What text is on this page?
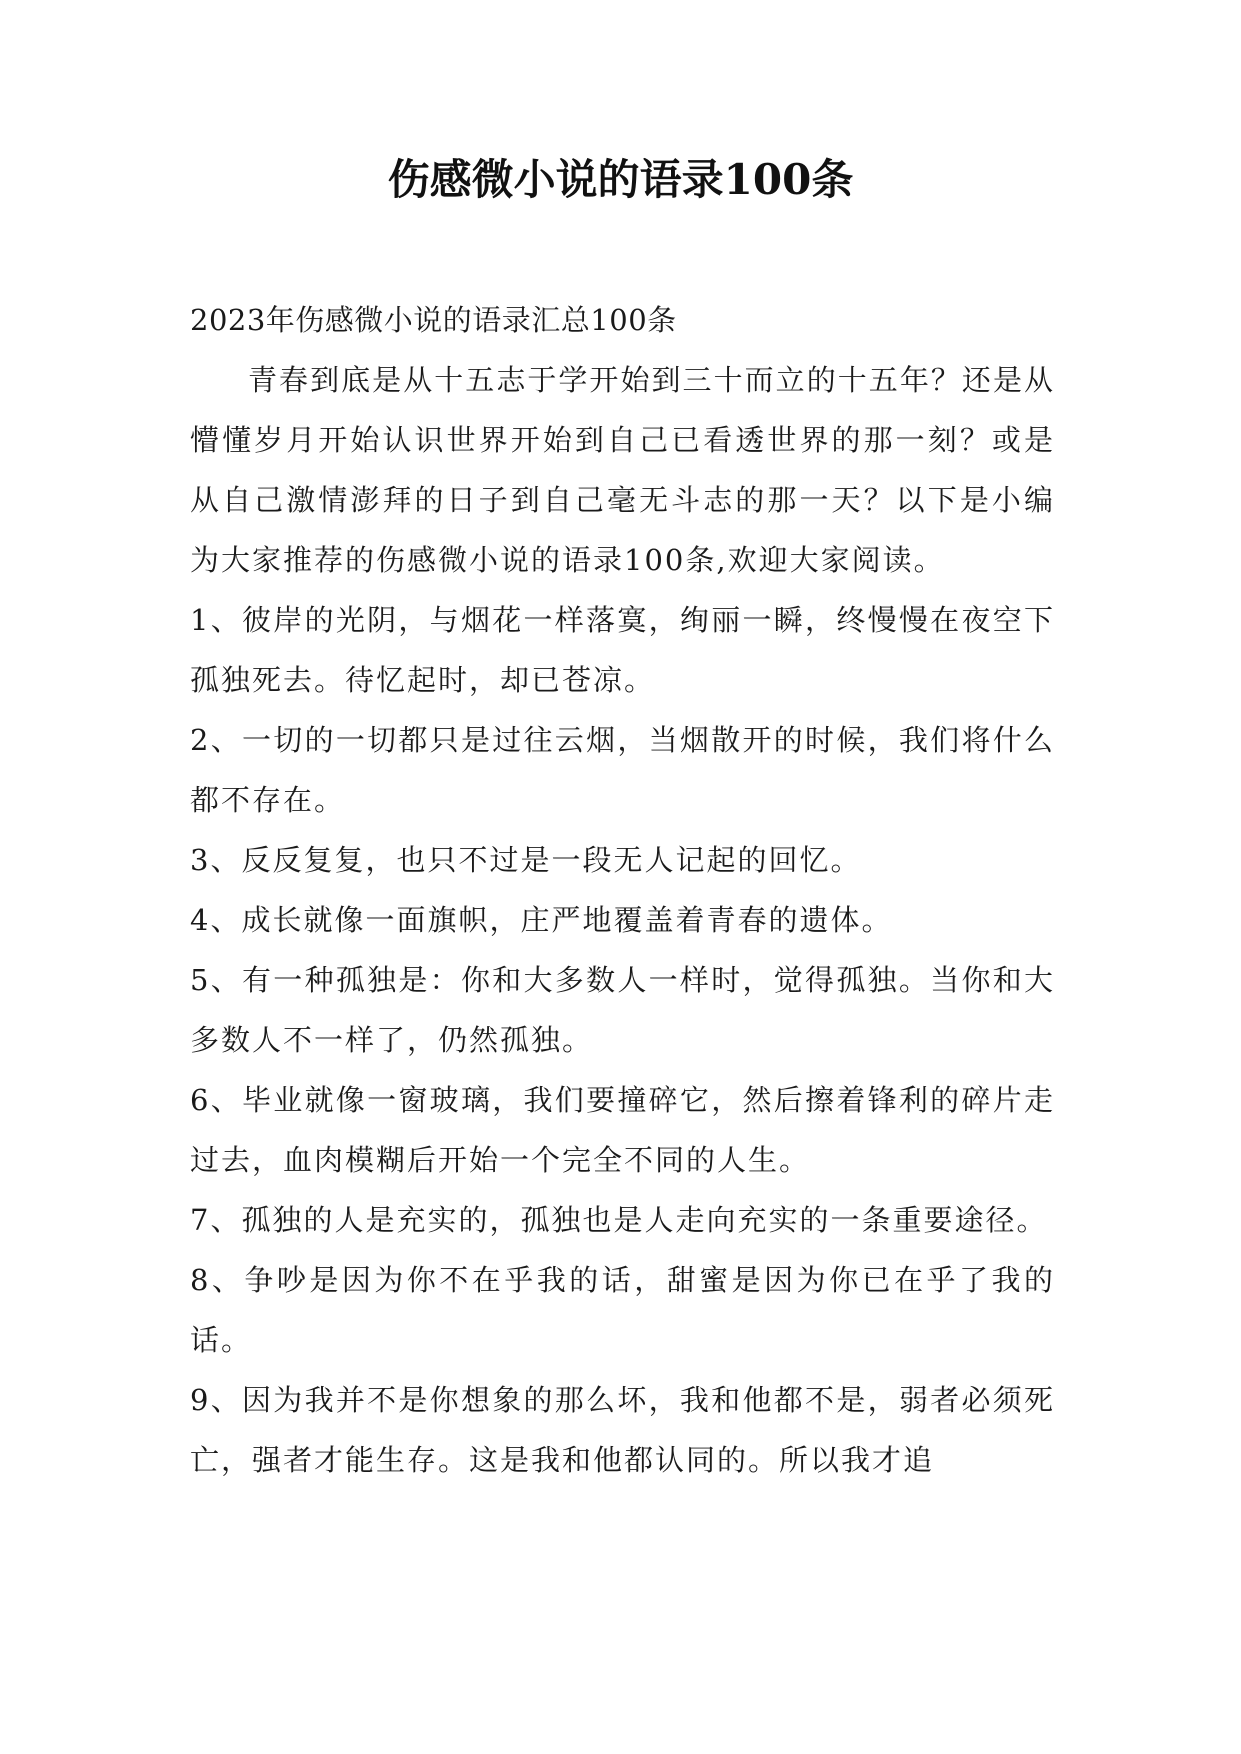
伤感微小说的语录100条

2023年伤感微小说的语录汇总100条

青春到底是从十五志于学开始到三十而立的十五年？还是从懵懂岁月开始认识世界开始到自己已看透世界的那一刻？或是从自己激情澎拜的日子到自己毫无斗志的那一天？以下是小编为大家推荐的伤感微小说的语录100条,欢迎大家阅读。

1、彼岸的光阴，与烟花一样落寞，绚丽一瞬，终慢慢在夜空下孤独死去。待忆起时，却已苍凉。

2、一切的一切都只是过往云烟，当烟散开的时候，我们将什么都不存在。

3、反反复复，也只不过是一段无人记起的回忆。

4、成长就像一面旗帜，庄严地覆盖着青春的遗体。

5、有一种孤独是：你和大多数人一样时，觉得孤独。当你和大多数人不一样了，仍然孤独。

6、毕业就像一窗玻璃，我们要撞碎它，然后擦着锋利的碎片走过去，血肉模糊后开始一个完全不同的人生。

7、孤独的人是充实的，孤独也是人走向充实的一条重要途径。

8、争吵是因为你不在乎我的话，甜蜜是因为你已在乎了我的话。

9、因为我并不是你想象的那么坏，我和他都不是，弱者必须死亡，强者才能生存。这是我和他都认同的。所以我才追
